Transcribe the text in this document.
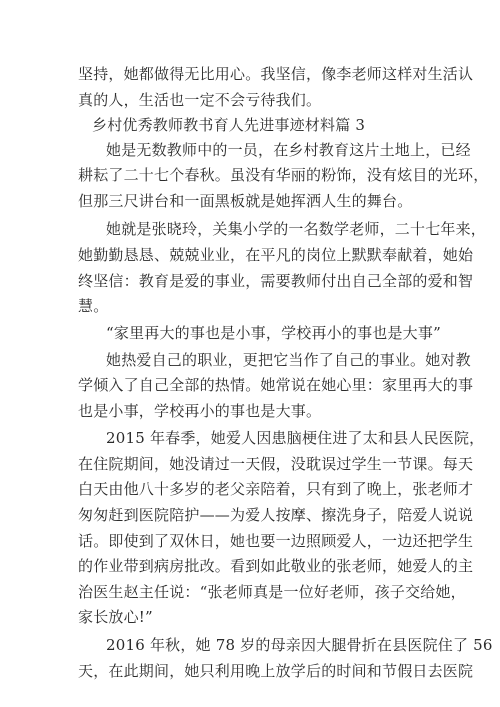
坚持，她都做得无比用心。我坚信，像李老师这样对生活认
真的人，生活也一定不会亏待我们。
乡村优秀教师教书育人先进事迹材料篇 3
她是无数教师中的一员，在乡村教育这片土地上，已经
耕耘了二十七个春秋。虽没有华丽的粉饰，没有炫目的光环，
但那三尺讲台和一面黑板就是她挥洒人生的舞台。
她就是张晓玲，关集小学的一名数学老师，二十七年来，
她勤勤恳恳、兢兢业业，在平凡的岗位上默默奉献着，她始
终坚信：教育是爱的事业，需要教师付出自己全部的爱和智
慧。
“家里再大的事也是小事，学校再小的事也是大事”
她热爱自己的职业，更把它当作了自己的事业。她对教
学倾入了自己全部的热情。她常说在她心里：家里再大的事
也是小事，学校再小的事也是大事。
2015 年春季，她爱人因患脑梗住进了太和县人民医院，
在住院期间，她没请过一天假，没耽误过学生一节课。每天
白天由他八十多岁的老父亲陪着，只有到了晚上，张老师才
匆匆赶到医院陪护——为爱人按摩、擦洗身子，陪爱人说说
话。即使到了双休日，她也要一边照顾爱人，一边还把学生
的作业带到病房批改。看到如此敬业的张老师，她爱人的主
治医生赵主任说：“张老师真是一位好老师，孩子交给她，
家长放心!”
2016 年秋，她 78 岁的母亲因大腿骨折在县医院住了 56
天，在此期间，她只利用晚上放学后的时间和节假日去医院
